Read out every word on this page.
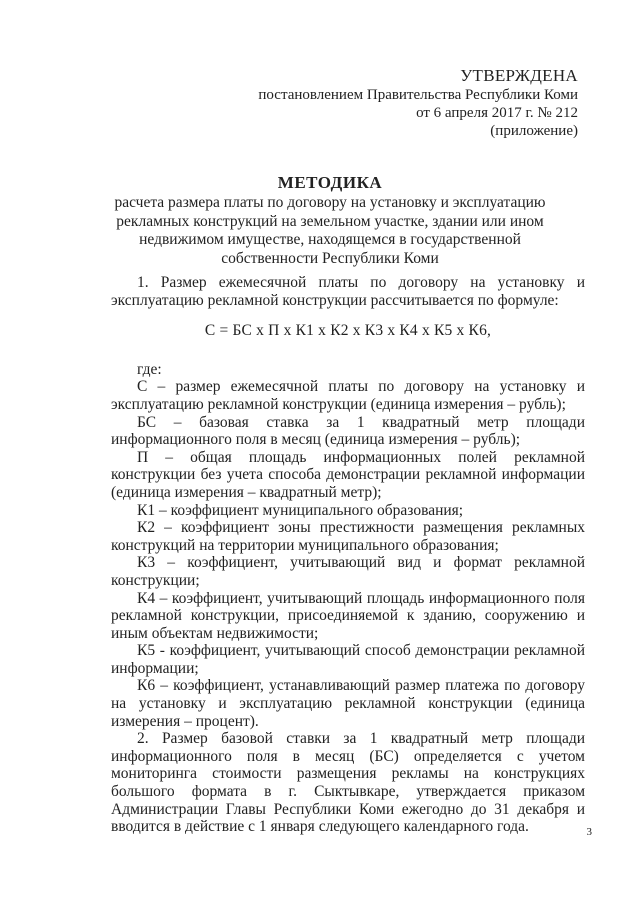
УТВЕРЖДЕНА
постановлением Правительства Республики Коми
от 6 апреля 2017 г. № 212
(приложение)
МЕТОДИКА
расчета размера платы по договору на установку и эксплуатацию
рекламных конструкций на земельном участке, здании или ином
недвижимом имуществе, находящемся в государственной
собственности Республики Коми

1. Размер ежемесячной платы по договору на установку и эксплуатацию рекламной конструкции рассчитывается по формуле:

С = БС х П х К1 х К2 х К3 х К4 х К5 х К6,

где:

С – размер ежемесячной платы по договору на установку и эксплуатацию рекламной конструкции (единица измерения – рубль);

БС – базовая ставка за 1 квадратный метр площади информационного поля в месяц (единица измерения – рубль);

П – общая площадь информационных полей рекламной конструкции без учета способа демонстрации рекламной информации (единица измерения – квадратный метр);

К1 – коэффициент муниципального образования;

К2 – коэффициент зоны престижности размещения рекламных конструкций на территории муниципального образования;

К3 – коэффициент, учитывающий вид и формат рекламной конструкции;

К4 – коэффициент, учитывающий площадь информационного поля рекламной конструкции, присоединяемой к зданию, сооружению и иным объектам недвижимости;

К5 - коэффициент, учитывающий способ демонстрации рекламной информации;

К6 – коэффициент, устанавливающий размер платежа по договору на установку и эксплуатацию рекламной конструкции (единица измерения – процент).

2. Размер базовой ставки за 1 квадратный метр площади информационного поля в месяц (БС) определяется с учетом мониторинга стоимости размещения рекламы на конструкциях большого формата в г. Сыктывкаре, утверждается приказом Администрации Главы Республики Коми ежегодно до 31 декабря и вводится в действие с 1 января следующего календарного года.	3
